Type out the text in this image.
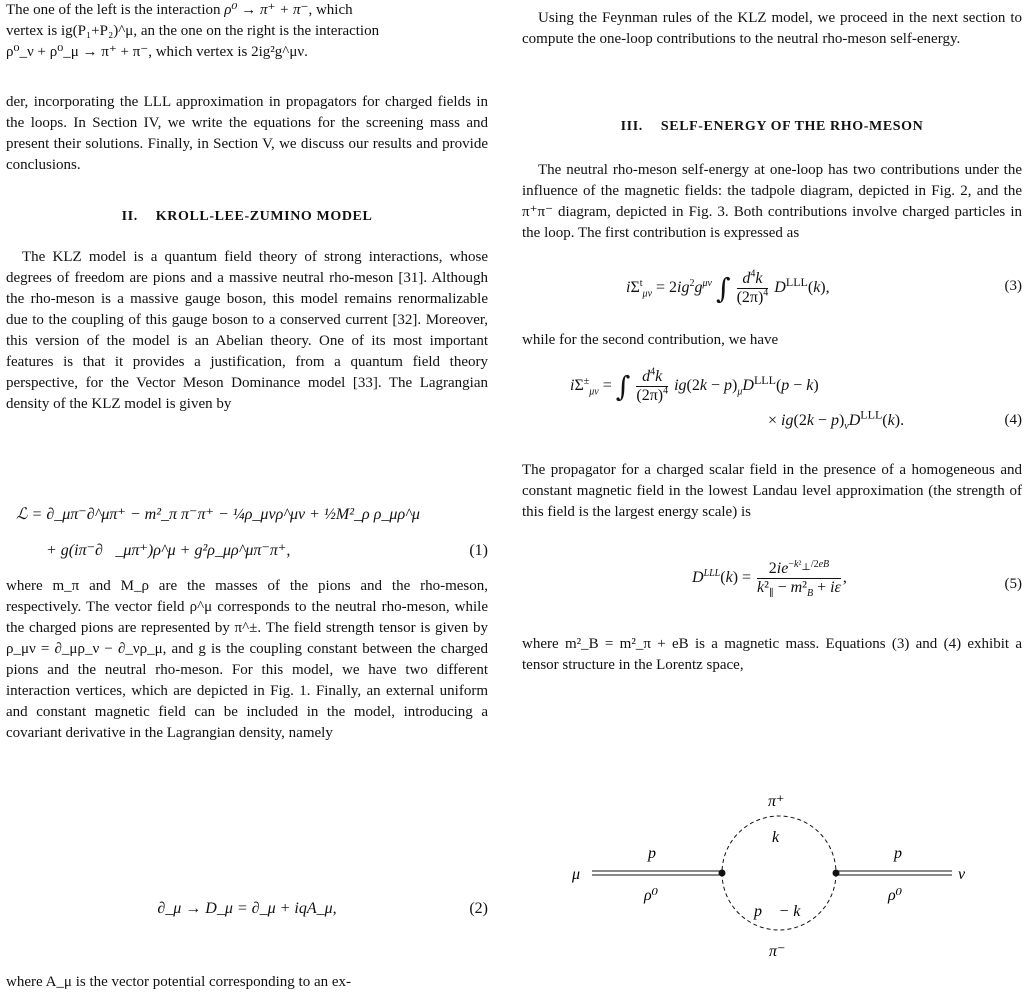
The one of the left is the interaction ρ⁰ → π⁺ + π⁻, which

vertex is ig(P₁+P₂)^μ, an the one on the right is the interaction

ρ⁰_ν + ρ⁰_μ → π⁺ + π⁻, which vertex is 2ig²g^μν.

der, incorporating the LLL approximation in propagators for charged fields in the loops. In Section IV, we write the equations for the screening mass and present their solutions. Finally, in Section V, we discuss our results and provide conclusions.

II. KROLL-LEE-ZUMINO MODEL

The KLZ model is a quantum field theory of strong interactions, whose degrees of freedom are pions and a massive neutral rho-meson [31]. Although the rho-meson is a massive gauge boson, this model remains renormalizable due to the coupling of this gauge boson to a conserved current [32]. Moreover, this version of the model is an Abelian theory. One of its most important features is that it provides a justification, from a quantum field theory perspective, for the Vector Meson Dominance model [33]. The Lagrangian density of the KLZ model is given by

ℒ = ∂_μπ⁻∂^μπ⁺ − m²_π π⁻π⁺ − ¼ρ_μνρ^μν + ½M²_ρ ρ_μρ^μ
+ g(iπ⁻∂⃡_μπ⁺)ρ^μ + g²ρ_μρ^μπ⁻π⁺,	(1)

where m_π and M_ρ are the masses of the pions and the rho-meson, respectively. The vector field ρ^μ corresponds to the neutral rho-meson, while the charged pions are represented by π^±. The field strength tensor is given by ρ_μν = ∂_μρ_ν − ∂_νρ_μ, and g is the coupling constant between the charged pions and the neutral rho-meson. For this model, we have two different interaction vertices, which are depicted in Fig. 1. Finally, an external uniform and constant magnetic field can be included in the model, introducing a covariant derivative in the Lagrangian density, namely

∂_μ → D_μ = ∂_μ + iqA_μ,	(2)

where A_μ is the vector potential corresponding to an ex-

Using the Feynman rules of the KLZ model, we proceed in the next section to compute the one-loop contributions to the neutral rho-meson self-energy.

III. SELF-ENERGY OF THE RHO-MESON

The neutral rho-meson self-energy at one-loop has two contributions under the influence of the magnetic fields: the tadpole diagram, depicted in Fig. 2, and the π⁺π⁻ diagram, depicted in Fig. 3. Both contributions involve charged particles in the loop. The first contribution is expressed as

$i\Sigma^t_{\mu\nu} = 2ig^2g^{\mu\nu}$ ∫ $\frac{d^4k}{(2\pi)^4} D^{LLL}(k)$,	(3)

while for the second contribution, we have

$i\Sigma^\pm_{\mu\nu}$ = ∫ $\frac{d^4k}{(2\pi)^4} ig(2k - p)_\mu D^{LLL}(p - k)$
× $ig(2k - p)_\nu D^{LLL}(k)$.	(4)

The propagator for a charged scalar field in the presence of a homogeneous and constant magnetic field in the lowest Landau level approximation (the strength of this field is the largest energy scale) is

$D^{LLL}(k) = \frac{2ie^{-k^2_\perp/2eB}}{k^2_\parallel - m^2_B + i\varepsilon}$ ,	(5)

where m²_B = m²_π + eB is a magnetic mass. Equations (3) and (4) exhibit a tensor structure in the Lorentz space,

μ	ν
p⃗	p⃗
ρ⁰	ρ⁰
π⁺
k⃗
p⃗ − k⃗
π⁻
